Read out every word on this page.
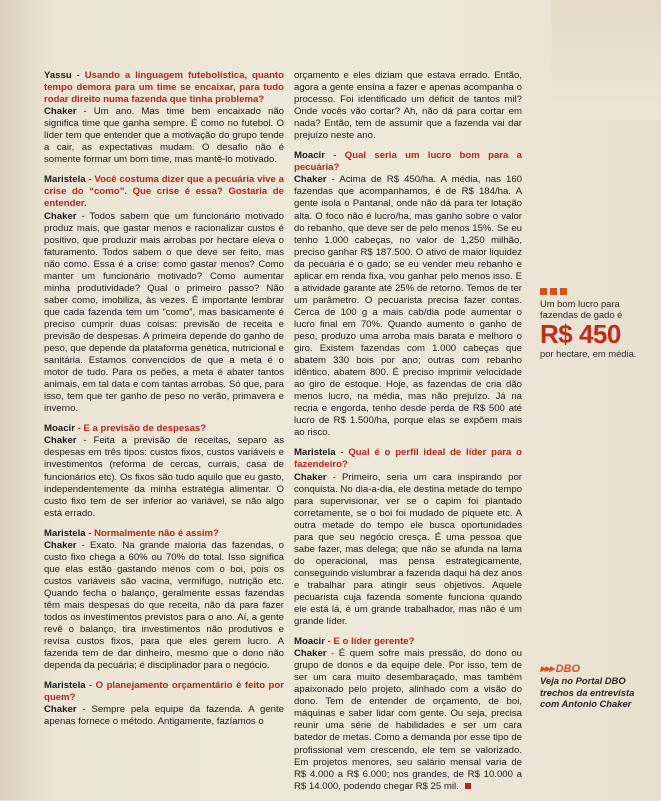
Yassu - Usando a linguagem futebolística, quanto tempo demora para um time se encaixar, para tudo rodar direito numa fazenda que tinha problema?

Chaker - Um ano. Mas time bem encaixado não significa time que ganha sempre. É como no futebol. O líder tem que entender que a motivação do grupo tende a cair, as expectativas mudam. O desafio não é somente formar um bom time, mas mantê-lo motivado.

Maristela - Você costuma dizer que a pecuária vive a crise do “como”. Que crise é essa? Gostaria de entender.

Chaker - Todos sabem que um funcionário motivado produz mais, que gastar menos e racionalizar custos é positivo, que produzir mais arrobas por hectare eleva o faturamento. Todos sabem o que deve ser feito, mas não como. Essa é a crise: como gastar menos? Como manter um funcionário motivado? Como aumentar minha produtividade? Qual o primeiro passo? Não saber como, imobiliza, às vezes. É importante lembrar que cada fazenda tem um “como”, mas basicamente é preciso cumprir duas coisas: previsão de receita e previsão de despesas. A primeira depende do ganho de peso, que depende da plataforma genética, nutricional e sanitária. Estamos convencidos de que a meta é o motor de tudo. Para os peões, a meta é abater tantos animais, em tal data e com tantas arrobas. Só que, para isso, tem que ter ganho de peso no verão, primavera e inverno.

Moacir - E a previsão de despesas?

Chaker - Feita a previsão de receitas, separo as despesas em três tipos: custos fixos, custos variáveis e investimentos (reforma de cercas, currais, casa de funcionários etc). Os fixos são tudo aquilo que eu gasto, independentemente da minha estratégia alimentar. O custo fixo tem de ser inferior ao variável, se não algo está errado.

Maristela - Normalmente não é assim?

Chaker - Exato. Na grande maioria das fazendas, o custo fixo chega a 60% ou 70% do total. Isso significa que elas estão gastando menos com o boi, pois os custos variáveis são vacina, vermífugo, nutrição etc. Quando fecha o balanço, geralmente essas fazendas têm mais despesas do que receita, não dá para fazer todos os investimentos previstos para o ano. Aí, a gente revê o balanço, tira investimentos não produtivos e revisa custos fixos, para que eles gerem lucro. A fazenda tem de dar dinheiro, mesmo que o dono não dependa da pecuária; é disciplinador para o negócio.

Maristela - O planejamento orçamentário é feito por quem?

Chaker - Sempre pela equipe da fazenda. A gente apenas fornece o método. Antigamente, fazíamos o

orçamento e eles diziam que estava errado. Então, agora a gente ensina a fazer e apenas acompanha o processo. Foi identificado um déficit de tantos mil? Onde vocês vão cortar? Ah, não dá para cortar em nada? Então, tem de assumir que a fazenda vai dar prejuízo neste ano.

Moacir - Qual seria um lucro bom para a pecuária?

Chaker - Acima de R$ 450/ha. A média, nas 160 fazendas que acompanhamos, é de R$ 184/ha. A gente isola o Pantanal, onde não dá para ter lotação alta. O foco não é lucro/ha, mas ganho sobre o valor do rebanho, que deve ser de pelo menos 15%. Se eu tenho 1.000 cabeças, no valor de 1,250 milhão, preciso ganhar R$ 187.500. O ativo de maior liquidez da pecuária é o gado; se eu vender meu rebanho e aplicar em renda fixa, vou ganhar pelo menos isso. E a atividade garante até 25% de retorno. Temos de ter um parâmetro. O pecuarista precisa fazer contas. Cerca de 100 g a mais cab/dia pode aumentar o lucro final em 70%. Quando aumento o ganho de peso, produzo uma arroba mais barata e melhoro o giro. Existem fazendas com 1.000 cabeças que abatem 330 bois por ano; outras com rebanho idêntico, abatem 800. É preciso imprimir velocidade ao giro de estoque. Hoje, as fazendas de cria dão menos lucro, na média, mas não prejuízo. Já na recria e engorda, tenho desde perda de R$ 500 até lucro de R$ 1.500/ha, porque elas se expõem mais ao risco.

Maristela - Qual é o perfil ideal de líder para o fazendeiro?

Chaker - Primeiro, seria um cara inspirando por conquista. No dia-a-dia, ele destina metade do tempo para supervisionar, ver se o capim foi plantado corretamente, se o boi foi mudado de piquete etc. A outra metade do tempo ele busca oportunidades para que seu negócio cresça. É uma pessoa que sabe fazer, mas delega; que não se afunda na lama do operacional, mas pensa estrategicamente, conseguindo vislumbrar a fazenda daqui há dez anos e trabalhar para atingir seus objetivos. Aquele pecuarista cuja fazenda somente funciona quando ele está lá, é um grande trabalhador, mas não é um grande líder.

Moacir - E o líder gerente?

Chaker - É quem sofre mais pressão, do dono ou grupo de donos e da equipe dele. Por isso, tem de ser um cara muito desembaraçado, mas também apaixonado pelo projeto, alinhado com a visão do dono. Tem de entender de orçamento, de boi, máquinas e saber lidar com gente. Ou seja, precisa reunir uma série de habilidades e ser um cara batedor de metas. Como a demanda por esse tipo de profissional vem crescendo, ele tem se valorizado. Em projetos menores, seu salário mensal varia de R$ 4.000 a R$ 6.000; nos grandes, de R$ 10.000 a R$ 14.000, podendo chegar R$ 25 mil.

Um bom lucro para fazendas de gado é
R$ 450
por hectare, em média.
▸▸▸ DBO
Veja no Portal DBO trechos da entrevista com Antonio Chaker
